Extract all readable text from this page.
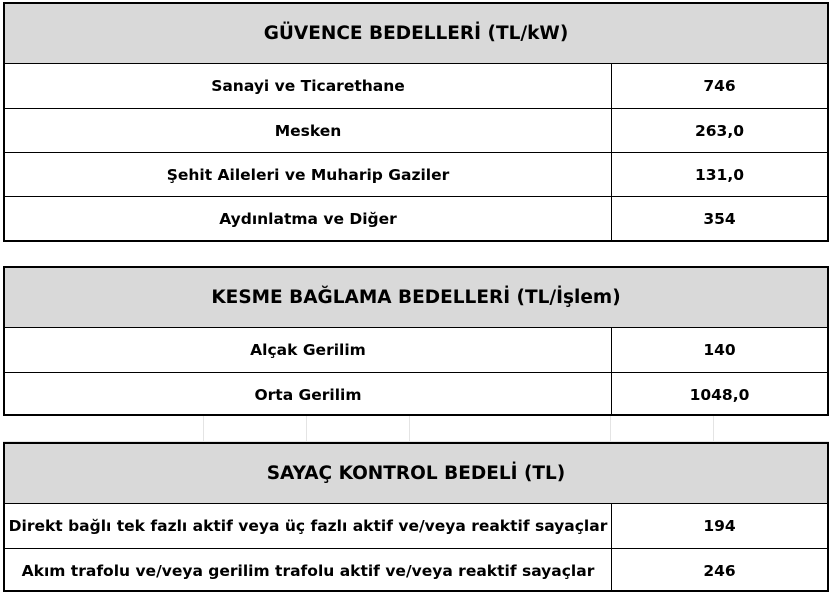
GÜVENCE BEDELLERİ (TL/kW)
Sanayi ve Ticarethane	746
Mesken	263,0
Şehit Aileleri ve Muharip Gaziler	131,0
Aydınlatma ve Diğer	354
KESME BAĞLAMA BEDELLERİ (TL/İşlem)
Alçak Gerilim	140
Orta Gerilim	1048,0
SAYAÇ KONTROL BEDELİ (TL)
Direkt bağlı tek fazlı aktif veya üç fazlı aktif ve/veya reaktif sayaçlar	194
Akım trafolu ve/veya gerilim trafolu aktif ve/veya reaktif sayaçlar	246
